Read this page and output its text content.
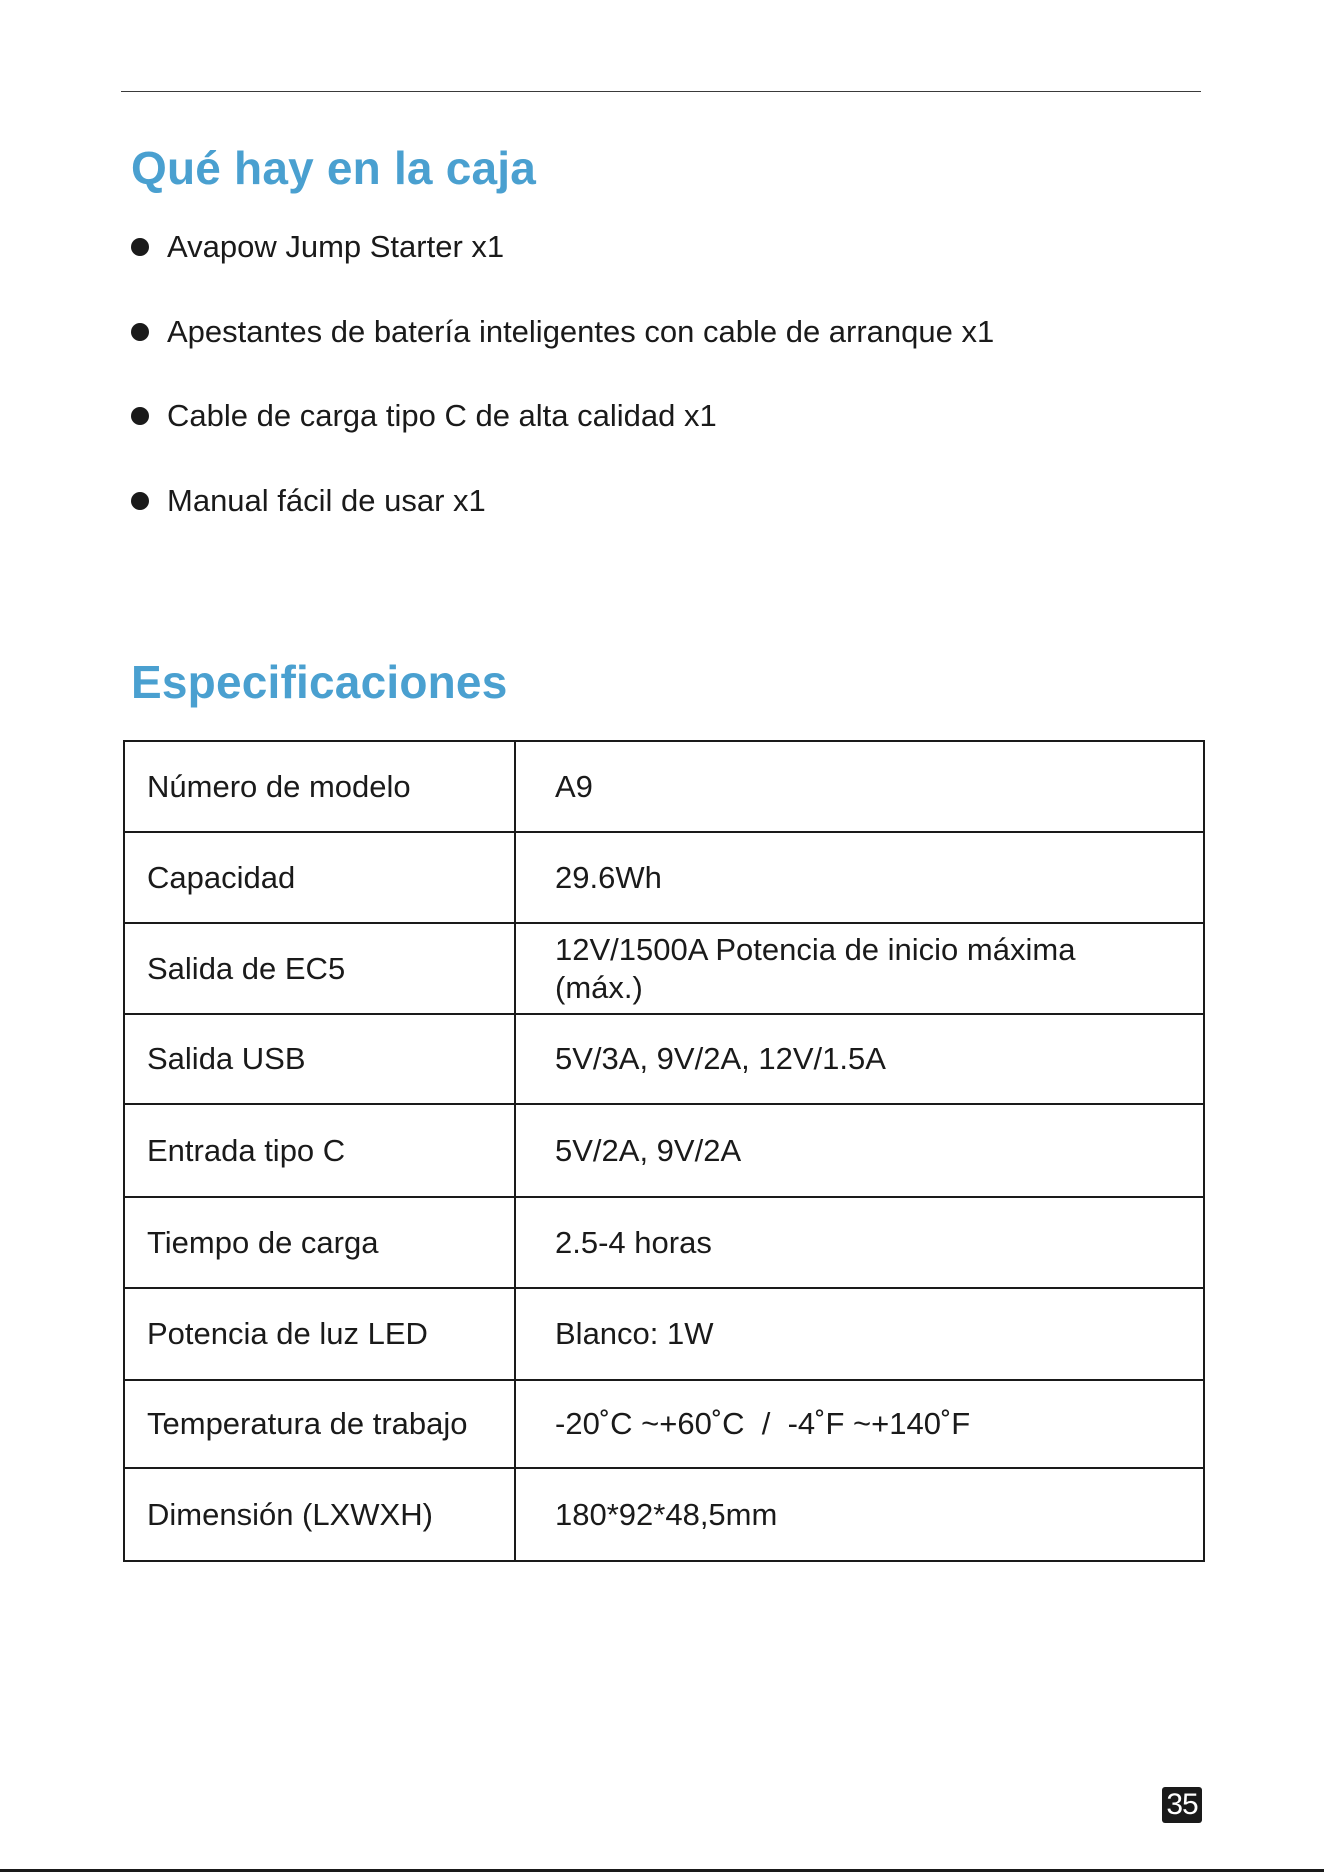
Qué hay en la caja
Avapow Jump Starter x1
Apestantes de batería inteligentes con cable de arranque x1
Cable de carga tipo C de alta calidad x1
Manual fácil de usar x1
Especificaciones
Número de modelo	A9
Capacidad	29.6Wh
Salida de EC5	12V/1500A Potencia de inicio máxima (máx.)
Salida USB	5V/3A, 9V/2A, 12V/1.5A
Entrada tipo C	5V/2A, 9V/2A
Tiempo de carga	2.5-4 horas
Potencia de luz LED	Blanco: 1W
Temperatura de trabajo	-20˚C ~+60˚C  /  -4˚F ~+140˚F
Dimensión (LXWXH)	180*92*48,5mm
35
